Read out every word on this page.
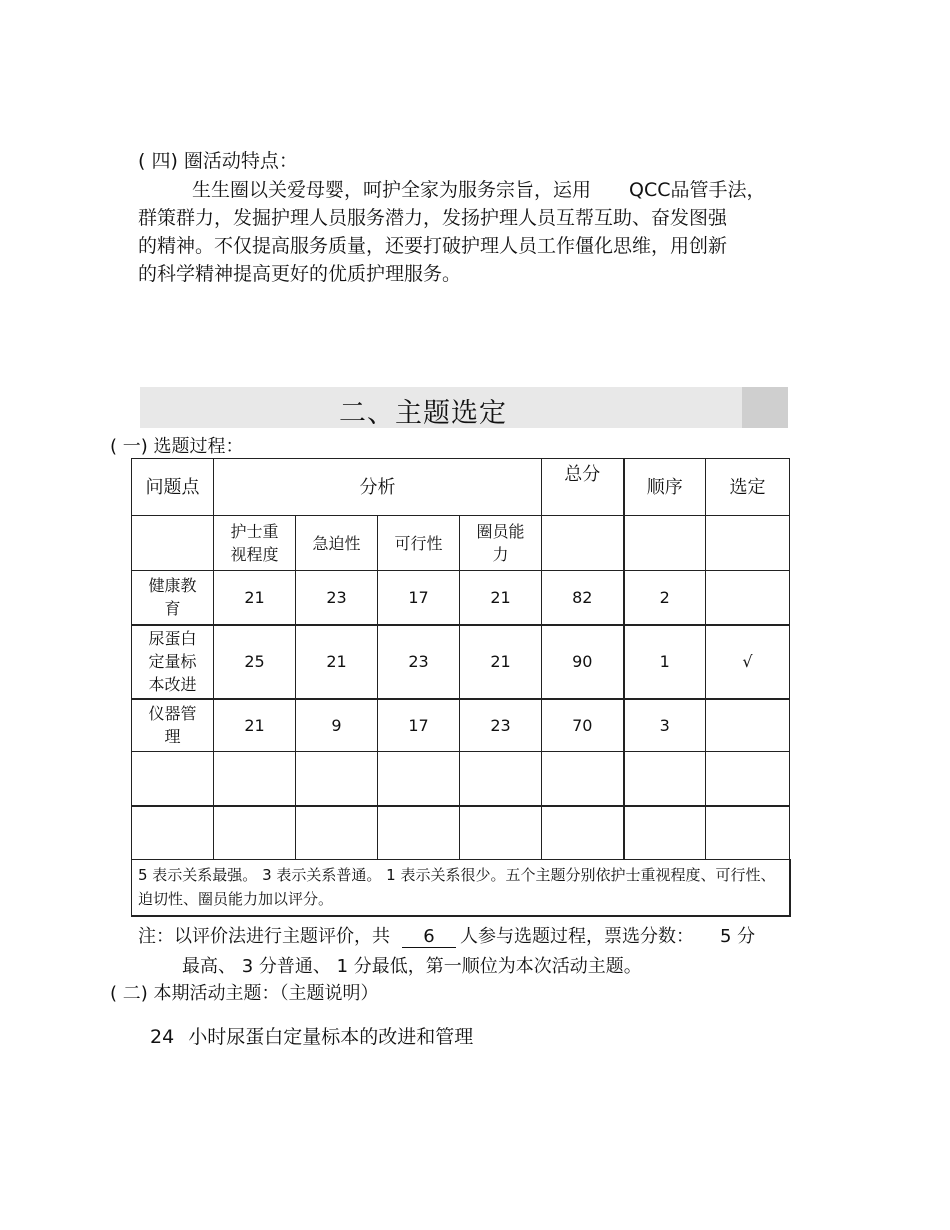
( 四) 圈活动特点：
生生圈以关爱母婴，呵护全家为服务宗旨，运用 QCC品管手法，
群策群力，发掘护理人员服务潜力，发扬护理人员互帮互助、奋发图强
的精神。不仅提高服务质量，还要打破护理人员工作僵化思维，用创新
的科学精神提高更好的优质护理服务。
二、主题选定
( 一) 选题过程：
问题点	分析				总分	顺序	选定
	护士重
视程度	急迫性	可行性	圈员能
力			
健康教
育	21	23	17	21	82	2	
尿蛋白
定量标
本改进	25	21	23	21	90	1	√
仪器管
理	21	9	17	23	70	3	

5 表示关系最强。 3 表示关系普通。 1 表示关系很少。五个主题分别依护士重视程度、可行性、迫切性、圈员能力加以评分。							
注：以评价法进行主题评价，共 6 人参与选题过程，票选分数： 5 分
最高、 3 分普通、 1 分最低，第一顺位为本次活动主题。
( 二) 本期活动主题：（主题说明）
24 小时尿蛋白定量标本的改进和管理
